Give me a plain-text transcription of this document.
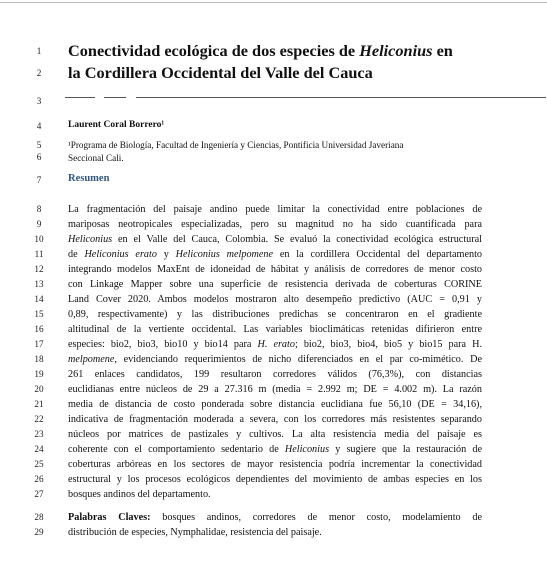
1
2
3
4
5
6
7
8
9
10
11
12
13
14
15
16
17
18
19
20
21
22
23
24
25
26
27
28
29
Conectividad ecológica de dos especies de Heliconius en
la Cordillera Occidental del Valle del Cauca
Laurent Coral Borrero¹
¹Programa de Biología, Facultad de Ingeniería y Ciencias, Pontificia Universidad Javeriana
Seccional Cali.
Resumen
La fragmentación del paisaje andino puede limitar la conectividad entre poblaciones de
mariposas neotropicales especializadas, pero su magnitud no ha sido cuantificada para
Heliconius en el Valle del Cauca, Colombia. Se evaluó la conectividad ecológica estructural
de Heliconius erato y Heliconius melpomene en la cordillera Occidental del departamento
integrando modelos MaxEnt de idoneidad de hábitat y análisis de corredores de menor costo
con Linkage Mapper sobre una superficie de resistencia derivada de coberturas CORINE
Land Cover 2020. Ambos modelos mostraron alto desempeño predictivo (AUC = 0,91 y
0,89, respectivamente) y las distribuciones predichas se concentraron en el gradiente
altitudinal de la vertiente occidental. Las variables bioclimáticas retenidas difirieron entre
especies: bio2, bio3, bio10 y bio14 para H. erato; bio2, bio3, bio4, bio5 y bio15 para H.
melpomene, evidenciando requerimientos de nicho diferenciados en el par co-mimético. De
261 enlaces candidatos, 199 resultaron corredores válidos (76,3%), con distancias
euclidianas entre núcleos de 29 a 27.316 m (media = 2.992 m; DE = 4.002 m). La razón
media de distancia de costo ponderada sobre distancia euclidiana fue 56,10 (DE = 34,16),
indicativa de fragmentación moderada a severa, con los corredores más resistentes separando
núcleos por matrices de pastizales y cultivos. La alta resistencia media del paisaje es
coherente con el comportamiento sedentario de Heliconius y sugiere que la restauración de
coberturas arbóreas en los sectores de mayor resistencia podría incrementar la conectividad
estructural y los procesos ecológicos dependientes del movimiento de ambas especies en los
bosques andinos del departamento.
Palabras Claves: bosques andinos, corredores de menor costo, modelamiento de
distribución de especies, Nymphalidae, resistencia del paisaje.
